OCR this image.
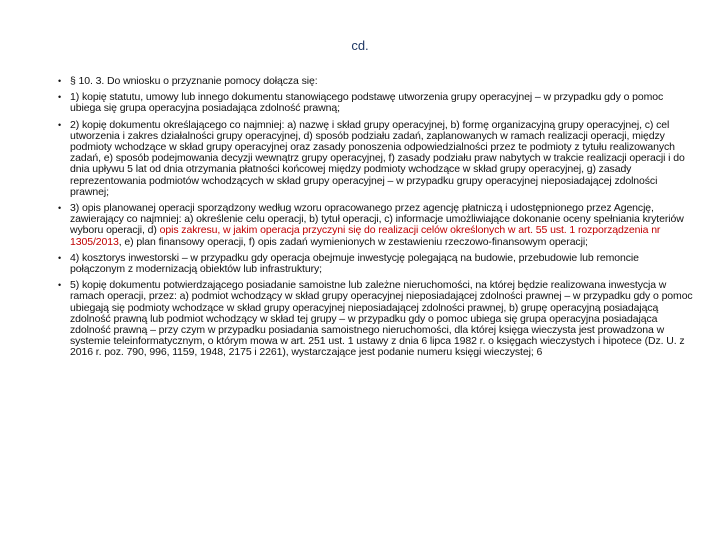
cd.
• § 10. 3. Do wniosku o przyznanie pomocy dołącza się:
• 1) kopię statutu, umowy lub innego dokumentu stanowiącego podstawę utworzenia grupy operacyjnej – w przypadku gdy o pomoc ubiega się grupa operacyjna posiadająca zdolność prawną;
• 2) kopię dokumentu określającego co najmniej: a) nazwę i skład grupy operacyjnej, b) formę organizacyjną grupy operacyjnej, c) cel utworzenia i zakres działalności grupy operacyjnej, d) sposób podziału zadań, zaplanowanych w ramach realizacji operacji, między podmioty wchodzące w skład grupy operacyjnej oraz zasady ponoszenia odpowiedzialności przez te podmioty z tytułu realizowanych zadań, e) sposób podejmowania decyzji wewnątrz grupy operacyjnej, f) zasady podziału praw nabytych w trakcie realizacji operacji i do dnia upływu 5 lat od dnia otrzymania płatności końcowej między podmioty wchodzące w skład grupy operacyjnej, g) zasady reprezentowania podmiotów wchodzących w skład grupy operacyjnej – w przypadku grupy operacyjnej nieposiadającej zdolności prawnej;
• 3) opis planowanej operacji sporządzony według wzoru opracowanego przez agencję płatniczą i udostępnionego przez Agencję, zawierający co najmniej: a) określenie celu operacji, b) tytuł operacji, c) informacje umożliwiające dokonanie oceny spełniania kryteriów wyboru operacji, d) opis zakresu, w jakim operacja przyczyni się do realizacji celów określonych w art. 55 ust. 1 rozporządzenia nr 1305/2013, e) plan finansowy operacji, f) opis zadań wymienionych w zestawieniu rzeczowo-finansowym operacji;
• 4) kosztorys inwestorski – w przypadku gdy operacja obejmuje inwestycję polegającą na budowie, przebudowie lub remoncie połączonym z modernizacją obiektów lub infrastruktury;
• 5) kopię dokumentu potwierdzającego posiadanie samoistne lub zależne nieruchomości, na której będzie realizowana inwestycja w ramach operacji, przez: a) podmiot wchodzący w skład grupy operacyjnej nieposiadającej zdolności prawnej – w przypadku gdy o pomoc ubiegają się podmioty wchodzące w skład grupy operacyjnej nieposiadającej zdolności prawnej, b) grupę operacyjną posiadającą zdolność prawną lub podmiot wchodzący w skład tej grupy – w przypadku gdy o pomoc ubiega się grupa operacyjna posiadająca zdolność prawną – przy czym w przypadku posiadania samoistnego nieruchomości, dla której księga wieczysta jest prowadzona w systemie teleinformatycznym, o którym mowa w art. 251 ust. 1 ustawy z dnia 6 lipca 1982 r. o księgach wieczystych i hipotece (Dz. U. z 2016 r. poz. 790, 996, 1159, 1948, 2175 i 2261), wystarczające jest podanie numeru księgi wieczystej; 6
